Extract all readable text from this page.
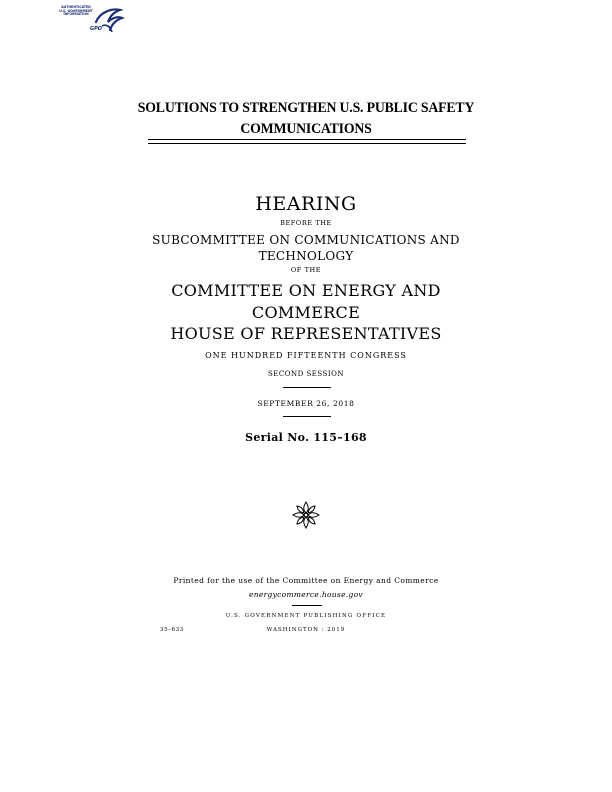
AUTHENTICATED
U.S. GOVERNMENT
INFORMATION
GPO
SOLUTIONS TO STRENGTHEN U.S. PUBLIC SAFETY
COMMUNICATIONS
HEARING
BEFORE THE
SUBCOMMITTEE ON COMMUNICATIONS AND
TECHNOLOGY
OF THE
COMMITTEE ON ENERGY AND
COMMERCE
HOUSE OF REPRESENTATIVES
ONE HUNDRED FIFTEENTH CONGRESS
SECOND SESSION
SEPTEMBER 26, 2018
Serial No. 115–168
Printed for the use of the Committee on Energy and Commerce
energycommerce.house.gov
U.S. GOVERNMENT PUBLISHING OFFICE
35–633	WASHINGTON : 2019
